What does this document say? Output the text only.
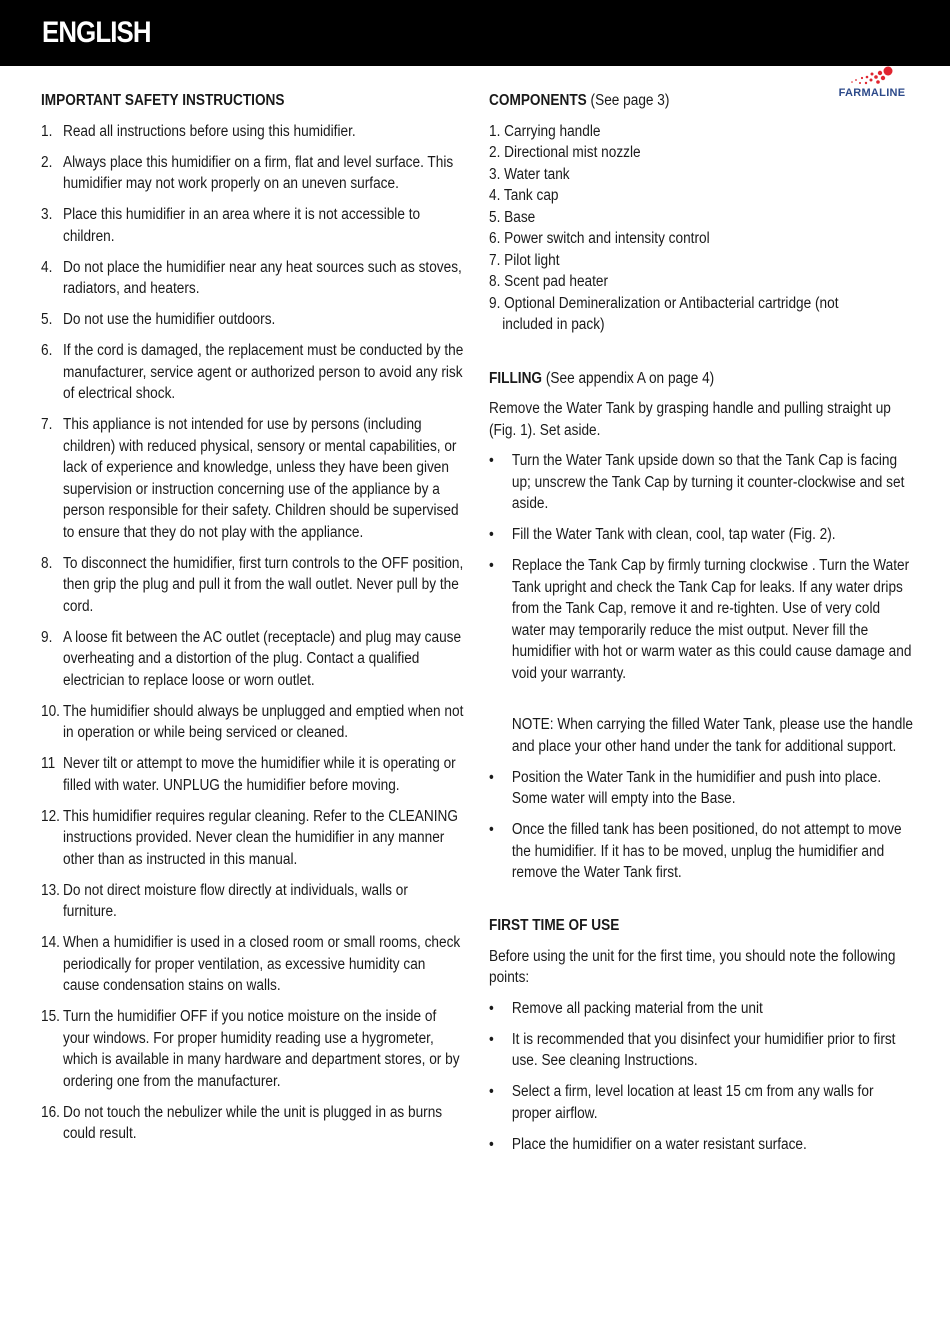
ENGLISH
FARMALINE
IMPORTANT SAFETY INSTRUCTIONS
1. Read all instructions before using this humidifier.
2. Always place this humidifier on a firm, flat and level surface. This humidifier may not work properly on an uneven surface.
3. Place this humidifier in an area where it is not accessible to children.
4. Do not place the humidifier near any heat sources such as stoves, radiators, and heaters.
5. Do not use the humidifier outdoors.
6. If the cord is damaged, the replacement must be conducted by the manufacturer, service agent or authorized person to avoid any risk of electrical shock.
7. This appliance is not intended for use by persons (including children) with reduced physical, sensory or mental capabilities, or lack of experience and knowledge, unless they have been given supervision or instruction concerning use of the appliance by a person responsible for their safety. Children should be supervised to ensure that they do not play with the appliance.
8. To disconnect the humidifier, first turn controls to the OFF position, then grip the plug and pull it from the wall outlet. Never pull by the cord.
9. A loose fit between the AC outlet (receptacle) and plug may cause overheating and a distortion of the plug. Contact a qualified electrician to replace loose or worn outlet.
10. The humidifier should always be unplugged and emptied when not in operation or while being serviced or cleaned.
11 Never tilt or attempt to move the humidifier while it is operating or filled with water. UNPLUG the humidifier before moving.
12. This humidifier requires regular cleaning. Refer to the CLEANING instructions provided. Never clean the humidifier in any manner other than as instructed in this manual.
13. Do not direct moisture flow directly at individuals, walls or furniture.
14. When a humidifier is used in a closed room or small rooms, check periodically for proper ventilation, as excessive humidity can cause condensation stains on walls.
15. Turn the humidifier OFF if you notice moisture on the inside of your windows. For proper humidity reading use a hygrometer, which is available in many hardware and department stores, or by ordering one from the manufacturer.
16. Do not touch the nebulizer while the unit is plugged in as burns could result.
COMPONENTS (See page 3)
1. Carrying handle
2. Directional mist nozzle
3. Water tank
4. Tank cap
5. Base
6. Power switch and intensity control
7. Pilot light
8. Scent pad heater
9. Optional Demineralization or Antibacterial cartridge (not
included in pack)
FILLING (See appendix A on page 4)
Remove the Water Tank by grasping handle and pulling straight up (Fig. 1). Set aside.
•	Turn the Water Tank upside down so that the Tank Cap is facing up; unscrew the Tank Cap by turning it counter-clockwise and set aside.
•	Fill the Water Tank with clean, cool, tap water (Fig. 2).
•	Replace the Tank Cap by firmly turning clockwise . Turn the Water Tank upright and check the Tank Cap for leaks. If any water drips from the Tank Cap, remove it and re-tighten. Use of very cold water may temporarily reduce the mist output. Never fill the humidifier with hot or warm water as this could cause damage and void your warranty.
NOTE: When carrying the filled Water Tank, please use the handle and place your other hand under the tank for additional support.
•	Position the Water Tank in the humidifier and push into place. Some water will empty into the Base.
•	Once the filled tank has been positioned, do not attempt to move the humidifier. If it has to be moved, unplug the humidifier and remove the Water Tank first.
FIRST TIME OF USE
Before using the unit for the first time, you should note the following points:
•	Remove all packing material from the unit
•	It is recommended that you disinfect your humidifier prior to first use. See cleaning Instructions.
•	Select a firm, level location at least 15 cm from any walls for proper airflow.
•	Place the humidifier on a water resistant surface.
